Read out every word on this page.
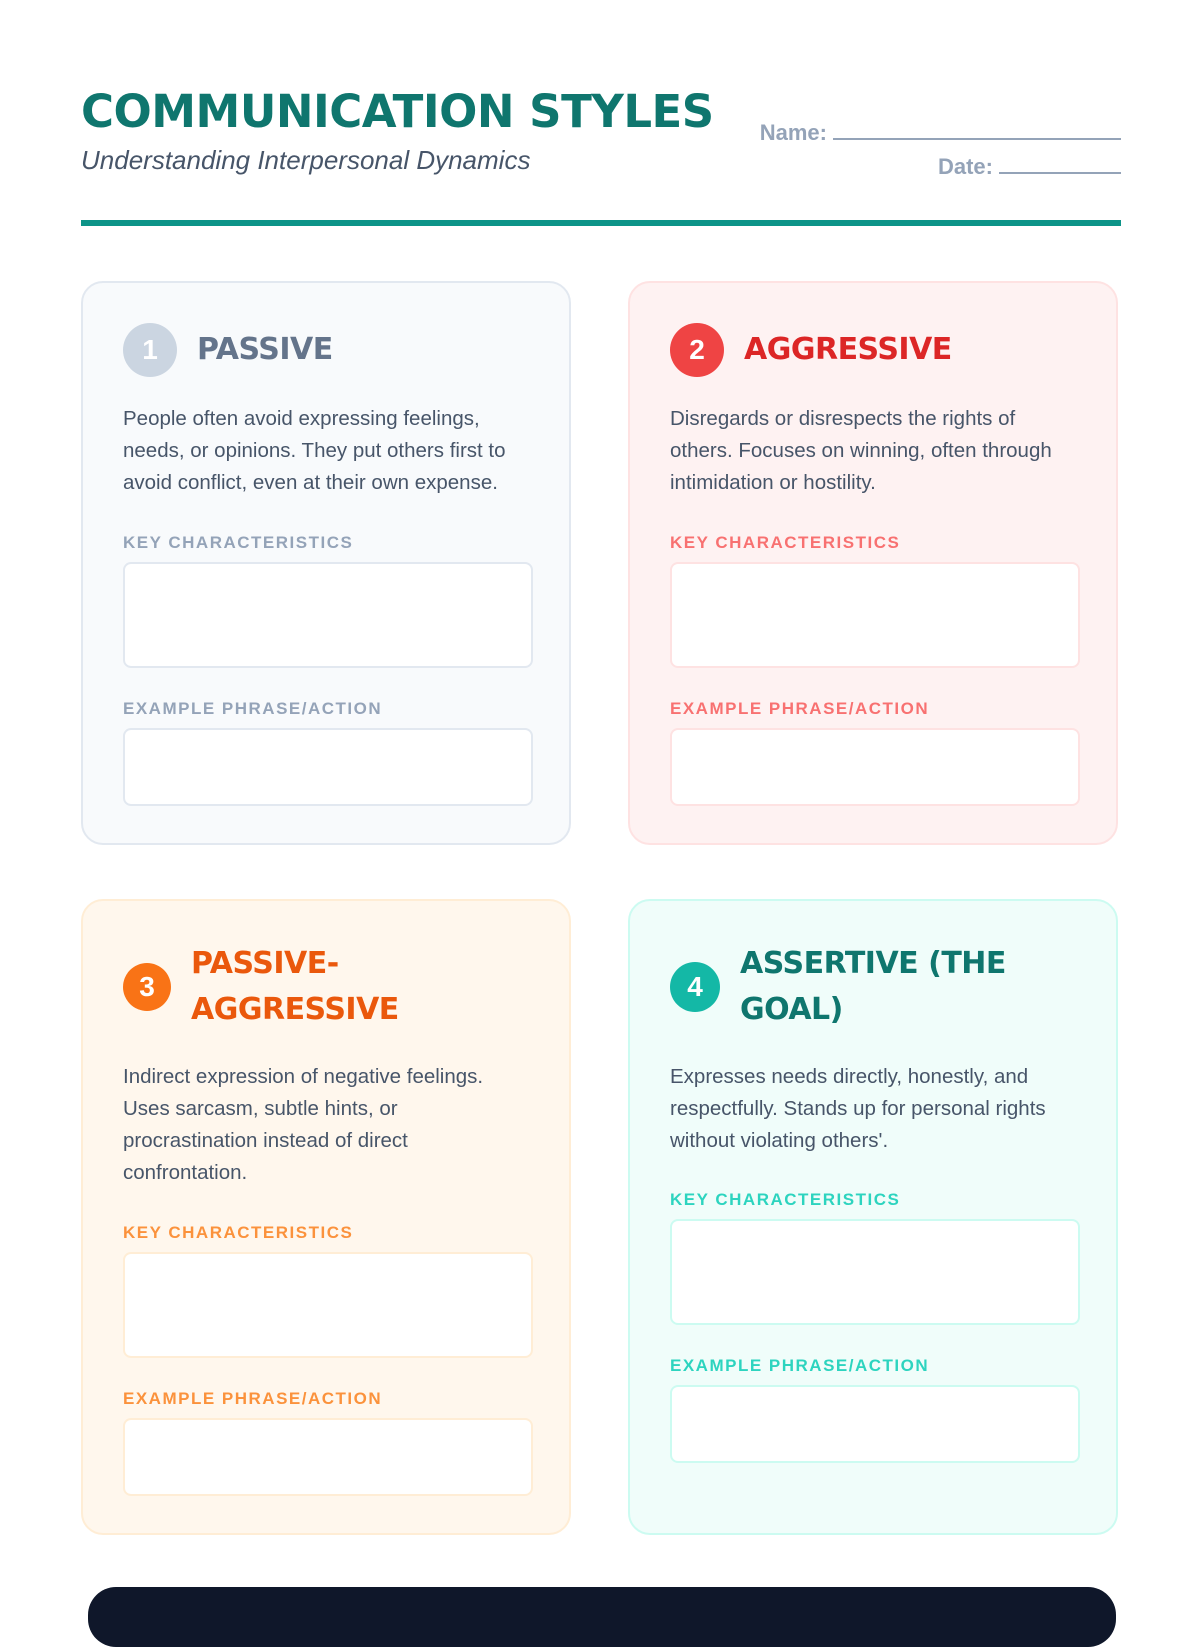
COMMUNICATION STYLES
Understanding Interpersonal Dynamics
Name:
Date:
1	PASSIVE
People often avoid expressing feelings, needs, or opinions. They put others first to avoid conflict, even at their own expense.
KEY CHARACTERISTICS
EXAMPLE PHRASE/ACTION
2	AGGRESSIVE
Disregards or disrespects the rights of others. Focuses on winning, often through intimidation or hostility.
KEY CHARACTERISTICS
EXAMPLE PHRASE/ACTION
3
PASSIVE-AGGRESSIVE
Indirect expression of negative feelings. Uses sarcasm, subtle hints, or procrastination instead of direct confrontation.
KEY CHARACTERISTICS
EXAMPLE PHRASE/ACTION
4
ASSERTIVE (THE GOAL)
Expresses needs directly, honestly, and respectfully. Stands up for personal rights without violating others'.
KEY CHARACTERISTICS
EXAMPLE PHRASE/ACTION
